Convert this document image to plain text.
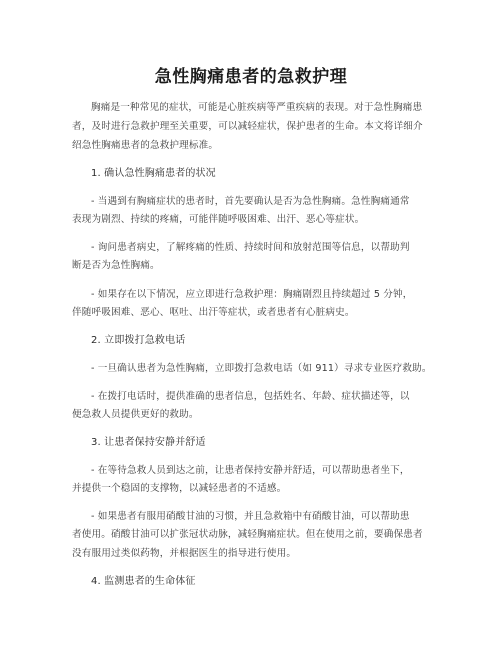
急性胸痛患者的急救护理
胸痛是一种常见的症状，可能是心脏疾病等严重疾病的表现。对于急性胸痛患
者，及时进行急救护理至关重要，可以减轻症状，保护患者的生命。本文将详细介
绍急性胸痛患者的急救护理标准。
1. 确认急性胸痛患者的状况
- 当遇到有胸痛症状的患者时，首先要确认是否为急性胸痛。急性胸痛通常
表现为剧烈、持续的疼痛，可能伴随呼吸困难、出汗、恶心等症状。
- 询问患者病史，了解疼痛的性质、持续时间和放射范围等信息，以帮助判
断是否为急性胸痛。
- 如果存在以下情况，应立即进行急救护理：胸痛剧烈且持续超过 5 分钟，
伴随呼吸困难、恶心、呕吐、出汗等症状，或者患者有心脏病史。
2. 立即拨打急救电话
- 一旦确认患者为急性胸痛，立即拨打急救电话（如 911）寻求专业医疗救助。
- 在拨打电话时，提供准确的患者信息，包括姓名、年龄、症状描述等，以
便急救人员提供更好的救助。
3. 让患者保持安静并舒适
- 在等待急救人员到达之前，让患者保持安静并舒适，可以帮助患者坐下，
并提供一个稳固的支撑物，以减轻患者的不适感。
- 如果患者有服用硝酸甘油的习惯，并且急救箱中有硝酸甘油，可以帮助患
者使用。硝酸甘油可以扩张冠状动脉，减轻胸痛症状。但在使用之前，要确保患者
没有服用过类似药物，并根据医生的指导进行使用。
4. 监测患者的生命体征
